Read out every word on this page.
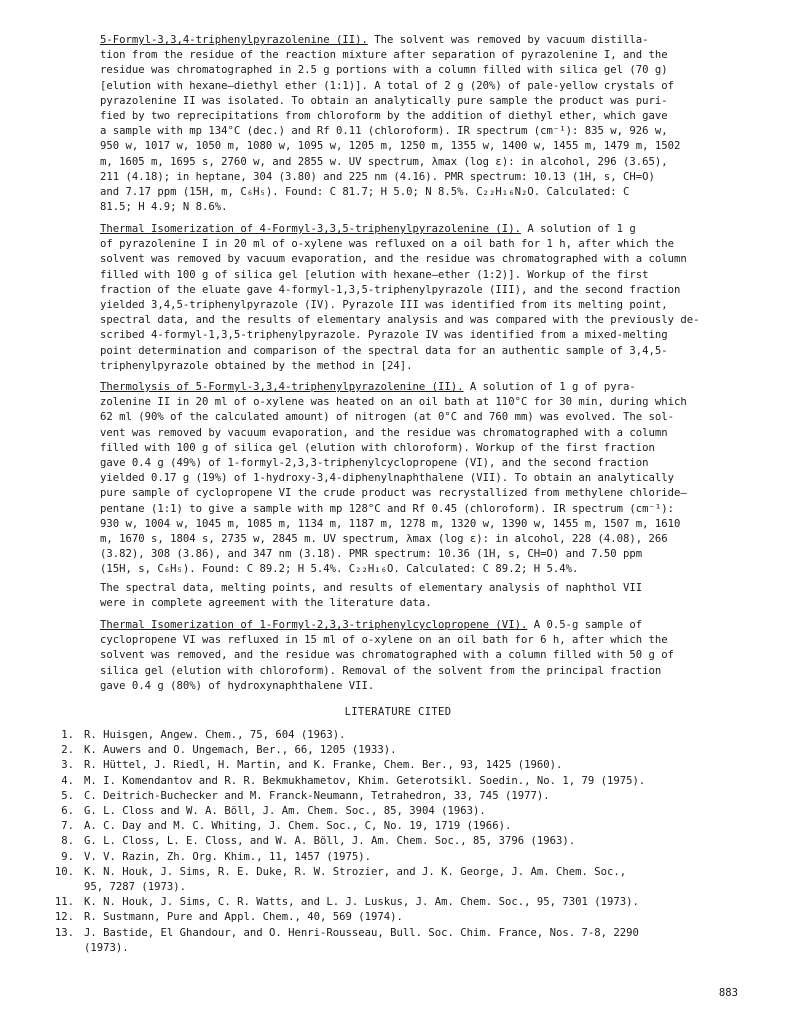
5-Formyl-3,3,4-triphenylpyrazolenine (II). The solvent was removed by vacuum distilla-
tion from the residue of the reaction mixture after separation of pyrazolenine I, and the
residue was chromatographed in 2.5 g portions with a column filled with silica gel (70 g)
[elution with hexane—diethyl ether (1:1)]. A total of 2 g (20%) of pale-yellow crystals of
pyrazolenine II was isolated. To obtain an analytically pure sample the product was puri-
fied by two reprecipitations from chloroform by the addition of diethyl ether, which gave
a sample with mp 134°C (dec.) and Rf 0.11 (chloroform). IR spectrum (cm⁻¹): 835 w, 926 w,
950 w, 1017 w, 1050 m, 1080 w, 1095 w, 1205 m, 1250 m, 1355 w, 1400 w, 1455 m, 1479 m, 1502
m, 1605 m, 1695 s, 2760 w, and 2855 w. UV spectrum, λmax (log ε): in alcohol, 296 (3.65),
211 (4.18); in heptane, 304 (3.80) and 225 nm (4.16). PMR spectrum: 10.13 (1H, s, CH=O)
and 7.17 ppm (15H, m, C₆H₅). Found: C 81.7; H 5.0; N 8.5%. C₂₂H₁₆N₂O. Calculated: C
81.5; H 4.9; N 8.6%.

Thermal Isomerization of 4-Formyl-3,3,5-triphenylpyrazolenine (I). A solution of 1 g
of pyrazolenine I in 20 ml of o-xylene was refluxed on a oil bath for 1 h, after which the
solvent was removed by vacuum evaporation, and the residue was chromatographed with a column
filled with 100 g of silica gel [elution with hexane—ether (1:2)]. Workup of the first
fraction of the eluate gave 4-formyl-1,3,5-triphenylpyrazole (III), and the second fraction
yielded 3,4,5-triphenylpyrazole (IV). Pyrazole III was identified from its melting point,
spectral data, and the results of elementary analysis and was compared with the previously de-
scribed 4-formyl-1,3,5-triphenylpyrazole. Pyrazole IV was identified from a mixed-melting
point determination and comparison of the spectral data for an authentic sample of 3,4,5-
triphenylpyrazole obtained by the method in [24].

Thermolysis of 5-Formyl-3,3,4-triphenylpyrazolenine (II). A solution of 1 g of pyra-
zolenine II in 20 ml of o-xylene was heated on an oil bath at 110°C for 30 min, during which
62 ml (90% of the calculated amount) of nitrogen (at 0°C and 760 mm) was evolved. The sol-
vent was removed by vacuum evaporation, and the residue was chromatographed with a column
filled with 100 g of silica gel (elution with chloroform). Workup of the first fraction
gave 0.4 g (49%) of 1-formyl-2,3,3-triphenylcyclopropene (VI), and the second fraction
yielded 0.17 g (19%) of 1-hydroxy-3,4-diphenylnaphthalene (VII). To obtain an analytically
pure sample of cyclopropene VI the crude product was recrystallized from methylene chloride—
pentane (1:1) to give a sample with mp 128°C and Rf 0.45 (chloroform). IR spectrum (cm⁻¹):
930 w, 1004 w, 1045 m, 1085 m, 1134 m, 1187 m, 1278 m, 1320 w, 1390 w, 1455 m, 1507 m, 1610
m, 1670 s, 1804 s, 2735 w, 2845 m. UV spectrum, λmax (log ε): in alcohol, 228 (4.08), 266
(3.82), 308 (3.86), and 347 nm (3.18). PMR spectrum: 10.36 (1H, s, CH=O) and 7.50 ppm
(15H, s, C₆H₅). Found: C 89.2; H 5.4%. C₂₂H₁₆O. Calculated: C 89.2; H 5.4%.

The spectral data, melting points, and results of elementary analysis of naphthol VII
were in complete agreement with the literature data.

Thermal Isomerization of 1-Formyl-2,3,3-triphenylcyclopropene (VI). A 0.5-g sample of
cyclopropene VI was refluxed in 15 ml of o-xylene on an oil bath for 6 h, after which the
solvent was removed, and the residue was chromatographed with a column filled with 50 g of
silica gel (elution with chloroform). Removal of the solvent from the principal fraction
gave 0.4 g (80%) of hydroxynaphthalene VII.

LITERATURE CITED

1. R. Huisgen, Angew. Chem., 75, 604 (1963).
2. K. Auwers and O. Ungemach, Ber., 66, 1205 (1933).
3. R. Hüttel, J. Riedl, H. Martin, and K. Franke, Chem. Ber., 93, 1425 (1960).
4. M. I. Komendantov and R. R. Bekmukhametov, Khim. Geterotsikl. Soedin., No. 1, 79 (1975).
5. C. Deitrich-Buchecker and M. Franck-Neumann, Tetrahedron, 33, 745 (1977).
6. G. L. Closs and W. A. Böll, J. Am. Chem. Soc., 85, 3904 (1963).
7. A. C. Day and M. C. Whiting, J. Chem. Soc., C, No. 19, 1719 (1966).
8. G. L. Closs, L. E. Closs, and W. A. Böll, J. Am. Chem. Soc., 85, 3796 (1963).
9. V. V. Razin, Zh. Org. Khim., 11, 1457 (1975).
10. K. N. Houk, J. Sims, R. E. Duke, R. W. Strozier, and J. K. George, J. Am. Chem. Soc.,
95, 7287 (1973).
11. K. N. Houk, J. Sims, C. R. Watts, and L. J. Luskus, J. Am. Chem. Soc., 95, 7301 (1973).
12. R. Sustmann, Pure and Appl. Chem., 40, 569 (1974).
13. J. Bastide, El Ghandour, and O. Henri-Rousseau, Bull. Soc. Chim. France, Nos. 7-8, 2290
(1973).
883
